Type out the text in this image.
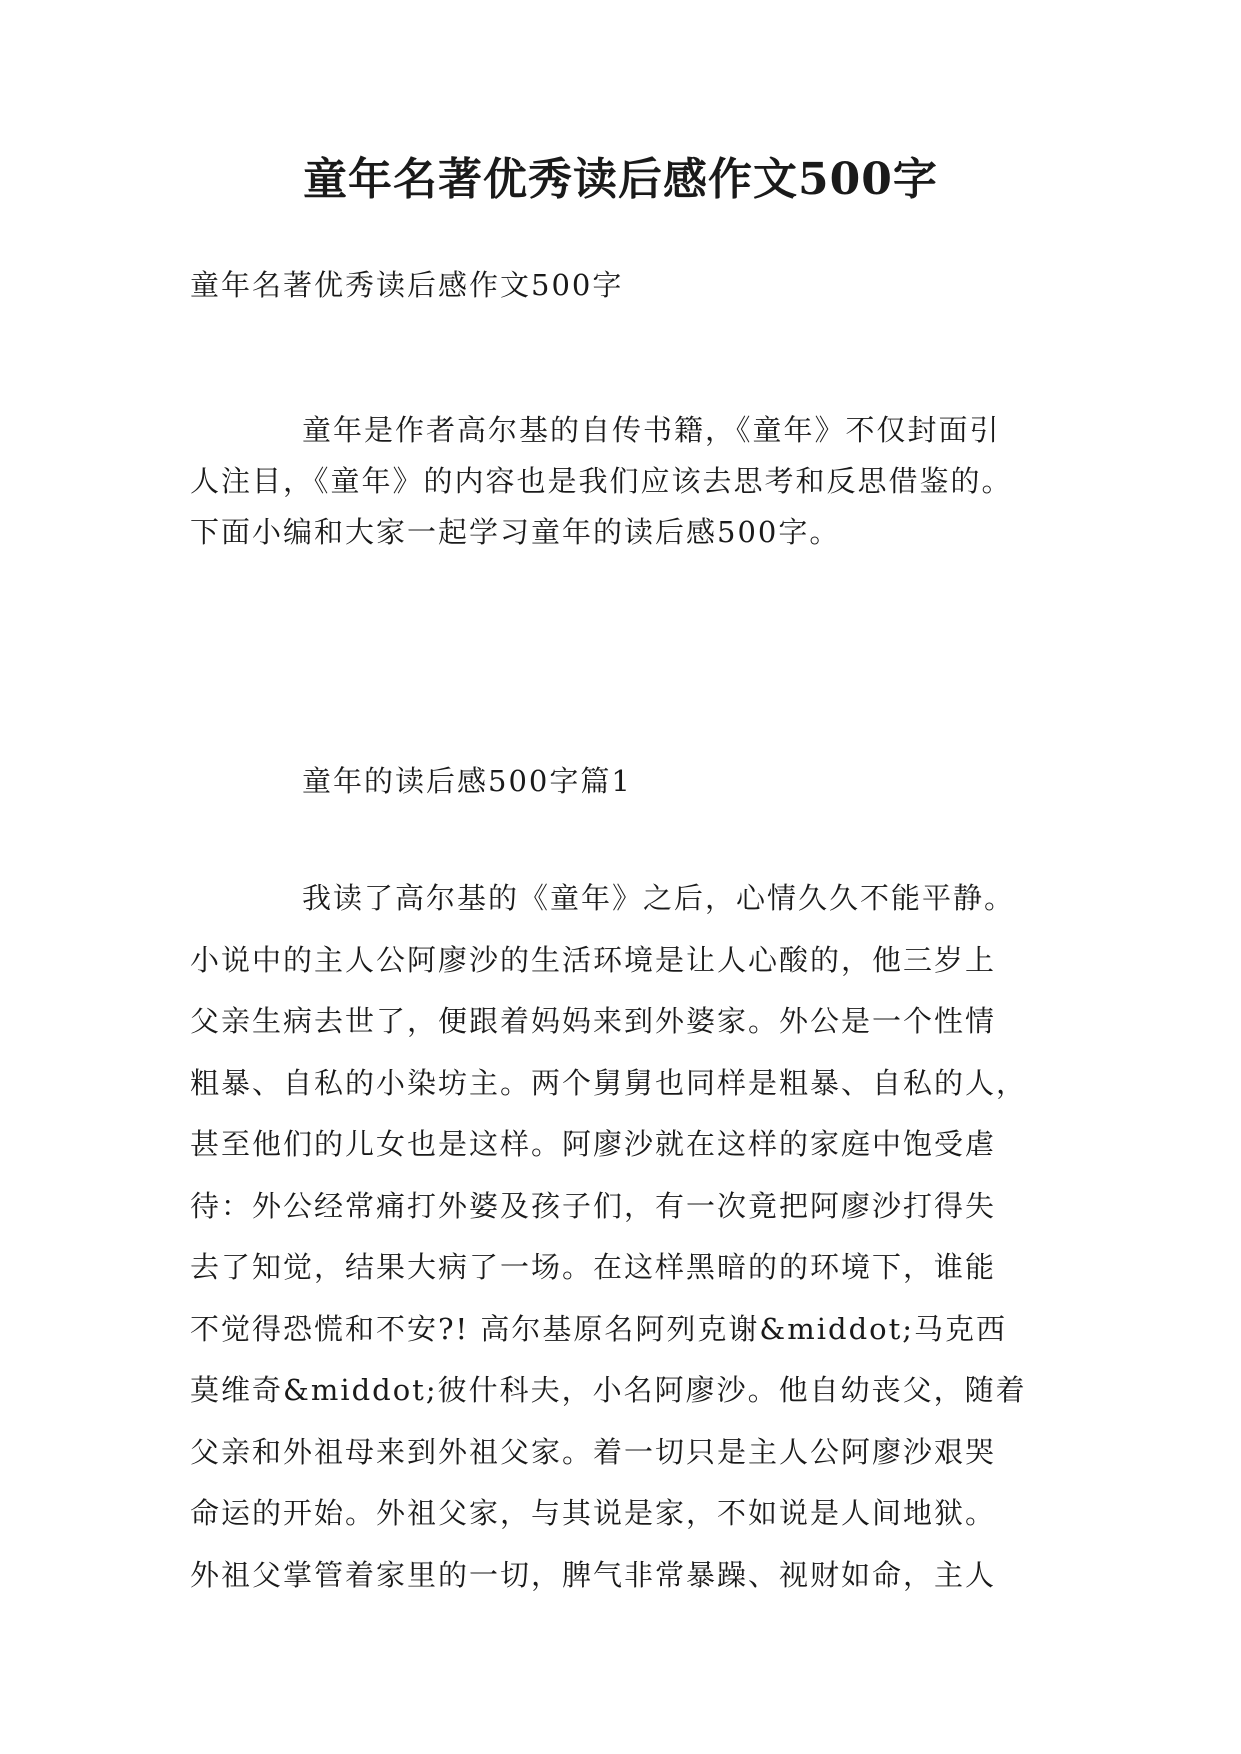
童年名著优秀读后感作文500字
童年名著优秀读后感作文500字
童年是作者高尔基的自传书籍，《童年》不仅封面引
人注目，《童年》的内容也是我们应该去思考和反思借鉴的。
下面小编和大家一起学习童年的读后感500字。
童年的读后感500字篇1
我读了高尔基的《童年》之后，心情久久不能平静。
小说中的主人公阿廖沙的生活环境是让人心酸的，他三岁上
父亲生病去世了，便跟着妈妈来到外婆家。外公是一个性情
粗暴、自私的小染坊主。两个舅舅也同样是粗暴、自私的人，
甚至他们的儿女也是这样。阿廖沙就在这样的家庭中饱受虐
待：外公经常痛打外婆及孩子们，有一次竟把阿廖沙打得失
去了知觉，结果大病了一场。在这样黑暗的的环境下，谁能
不觉得恐慌和不安?! 高尔基原名阿列克谢&middot;马克西
莫维奇&middot;彼什科夫，小名阿廖沙。他自幼丧父，随着
父亲和外祖母来到外祖父家。着一切只是主人公阿廖沙艰哭
命运的开始。外祖父家，与其说是家，不如说是人间地狱。
外祖父掌管着家里的一切，脾气非常暴躁、视财如命，主人
